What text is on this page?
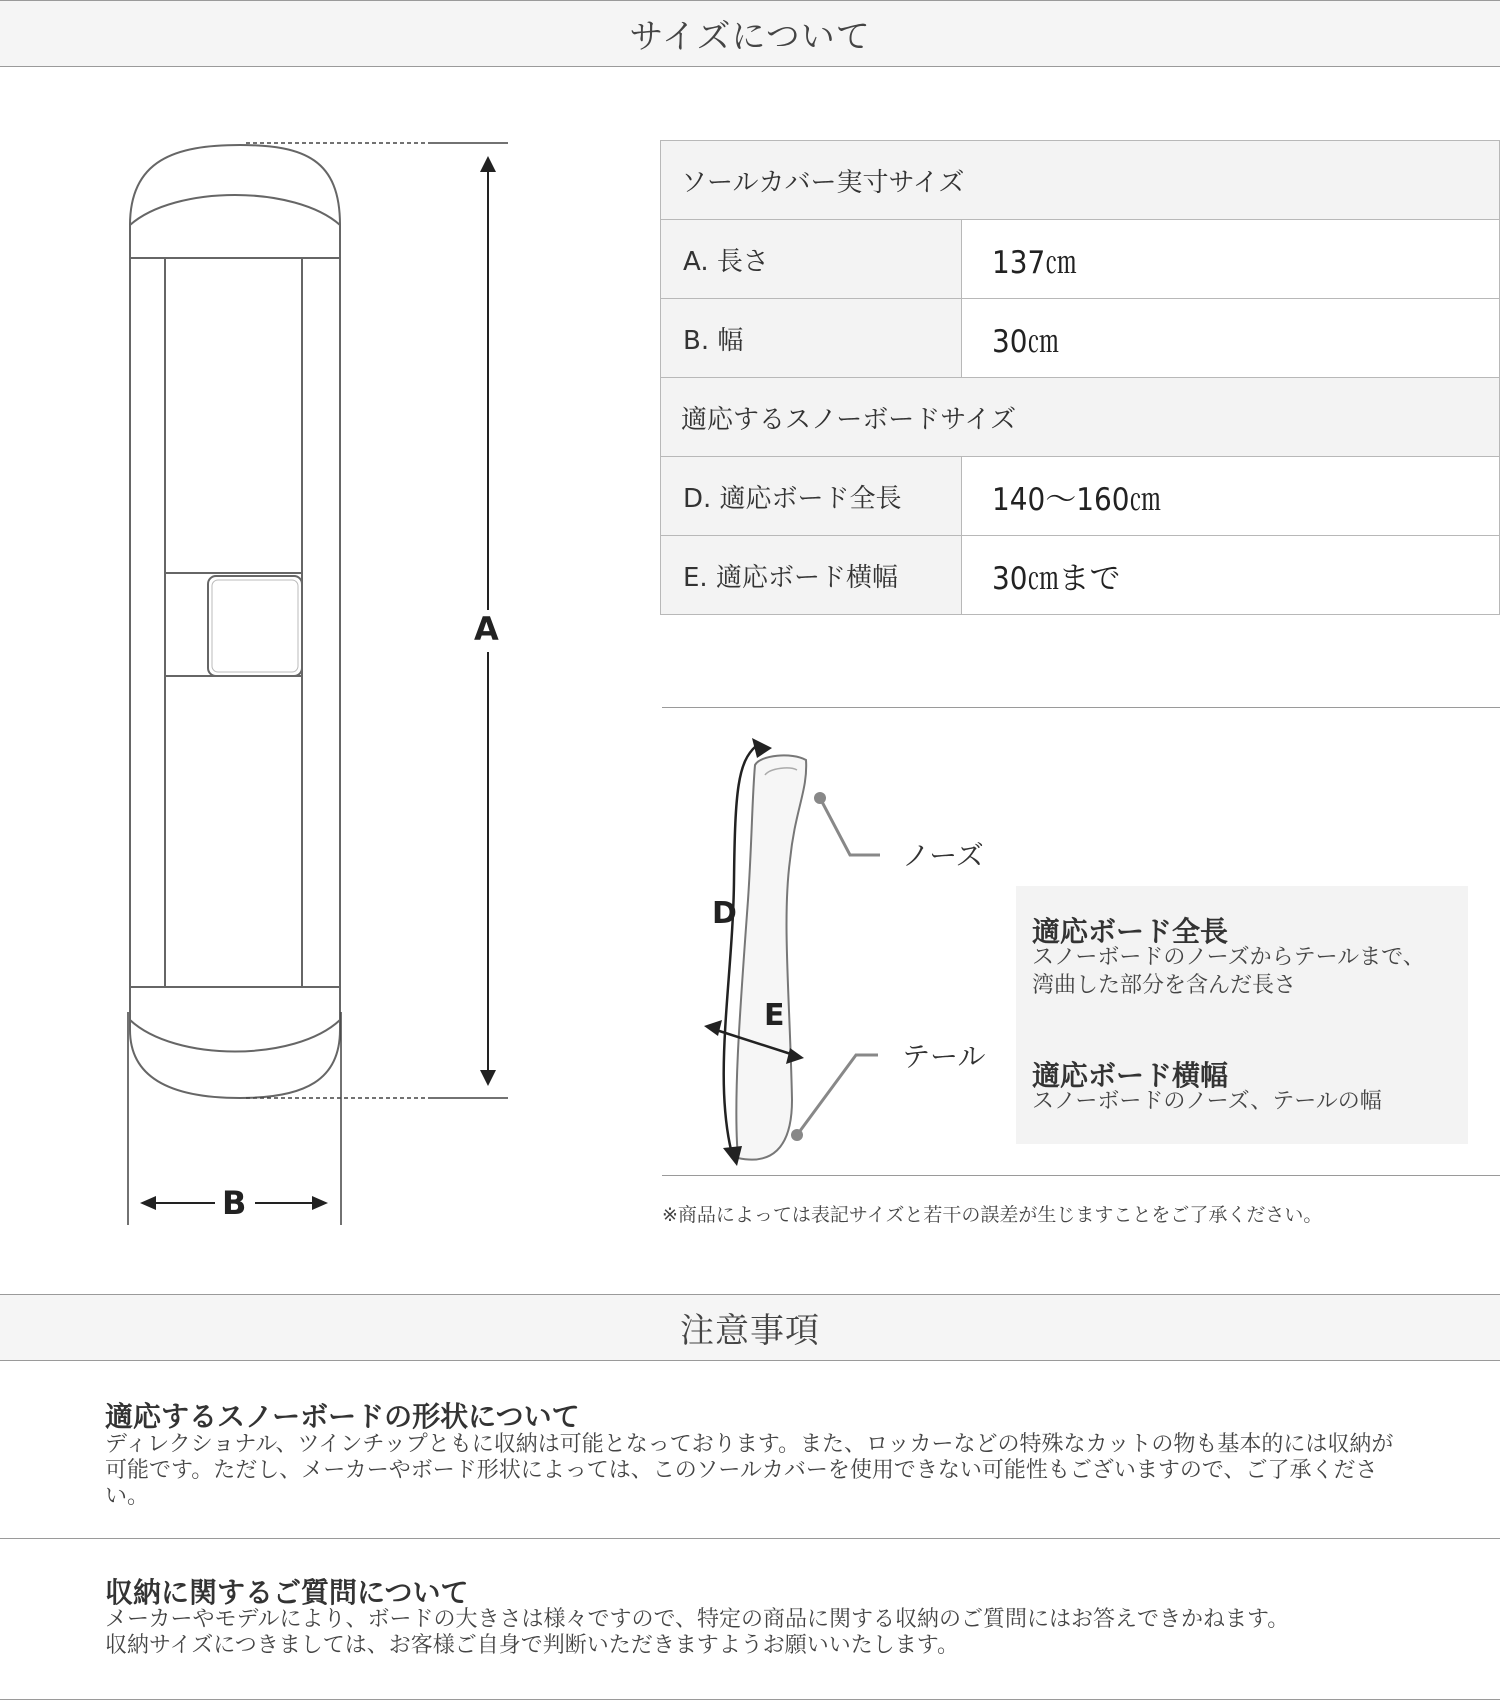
サイズについて
A
B
ソールカバー実寸サイズ	
A. 長さ	137㎝
B. 幅	30㎝
適応するスノーボードサイズ	
D. 適応ボード全長	140～160㎝
E. 適応ボード横幅	30㎝まで
D
E
ノーズ
テール
適応ボード全長
スノーボードのノーズからテールまで、
湾曲した部分を含んだ長さ
適応ボード横幅
スノーボードのノーズ、テールの幅
※商品によっては表記サイズと若干の誤差が生じますことをご了承ください。
注意事項
適応するスノーボードの形状について
ディレクショナル、ツインチップともに収納は可能となっております。また、ロッカーなどの特殊なカットの物も基本的には収納が可能です。ただし、メーカーやボード形状によっては、このソールカバーを使用できない可能性もございますので、ご了承ください。
収納に関するご質問について
メーカーやモデルにより、ボードの大きさは様々ですので、特定の商品に関する収納のご質問にはお答えできかねます。
収納サイズにつきましては、お客様ご自身で判断いただきますようお願いいたします。
